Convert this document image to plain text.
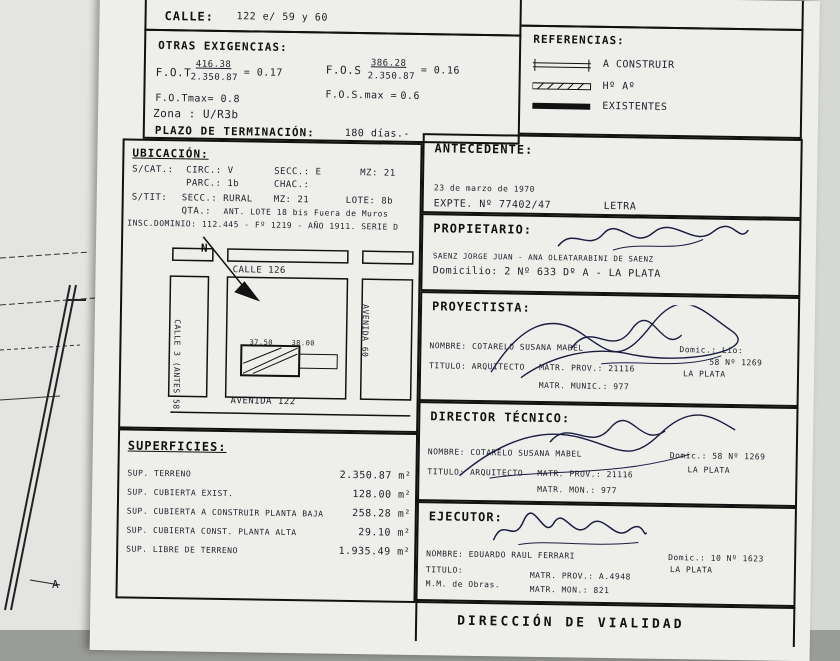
A
CALLE: 122 e/ 59 y 60
OTRAS EXIGENCIAS:
F.O.T
416.38
2.350.87 = 0.17	F.O.S
386.28
2.350.87 = 0.16
F.O.Tmax= 0.8	F.O.S.max = 0.6
Zona : U/R3b
PLAZO DE TERMINACIÓN:	180 días.-
REFERENCIAS:
A CONSTRUIR
Hº Aº
EXISTENTES
UBICACIÓN:
S/CAT.: CIRC.: V	SECC.: E	MZ: 21
PARC.: 1b	CHAC.:
S/TIT: SECC.: RURAL MZ: 21	LOTE: 8b
QTA.: ANT. LOTE 18 bis Fuera de Muros
INSC.DOMINIO: 112.445 - Fº 1219 - AÑO 1911. SERIE D
N
CALLE 126
CALLE 3 (ANTES 58)	AVENIDA 60
AVENIDA 122
37.50	38.00
ANTECEDENTE:
23 de marzo de 1970
EXPTE. Nº 77402/47	LETRA
PROPIETARIO:
SAENZ JORGE JUAN - ANA OLEATARABINI DE SAENZ
Domicilio: 2 Nº 633 Dº A - LA PLATA
PROYECTISTA:
NOMBRE: COTARELO SUSANA MABEL	Domic.: Lio:
58 Nº 1269
TITULO: ARQUITECTO MATR. PROV.: 21116
LA PLATA
MATR. MUNIC.: 977
DIRECTOR TÉCNICO:
NOMBRE: COTARELO SUSANA MABEL	Domic.: 58 Nº 1269
TITULO: ARQUITECTO MATR. PROV.: 21116	LA PLATA
MATR. MON.: 977
EJECUTOR:
NOMBRE: EDUARDO RAUL FERRARI	Domic.: 10 Nº 1623
LA PLATA
TITULO:
M.M. de Obras.
MATR. PROV.: A.4948
MATR. MON.: 821
SUPERFICIES:
SUP. TERRENO	2.350.87 m²
SUP. CUBIERTA EXIST.	128.00 m²
SUP. CUBIERTA A CONSTRUIR PLANTA BAJA	258.28 m²
SUP. CUBIERTA CONST. PLANTA ALTA	29.10 m²
SUP. LIBRE DE TERRENO	1.935.49 m²
DIRECCIÓN DE VIALIDAD
